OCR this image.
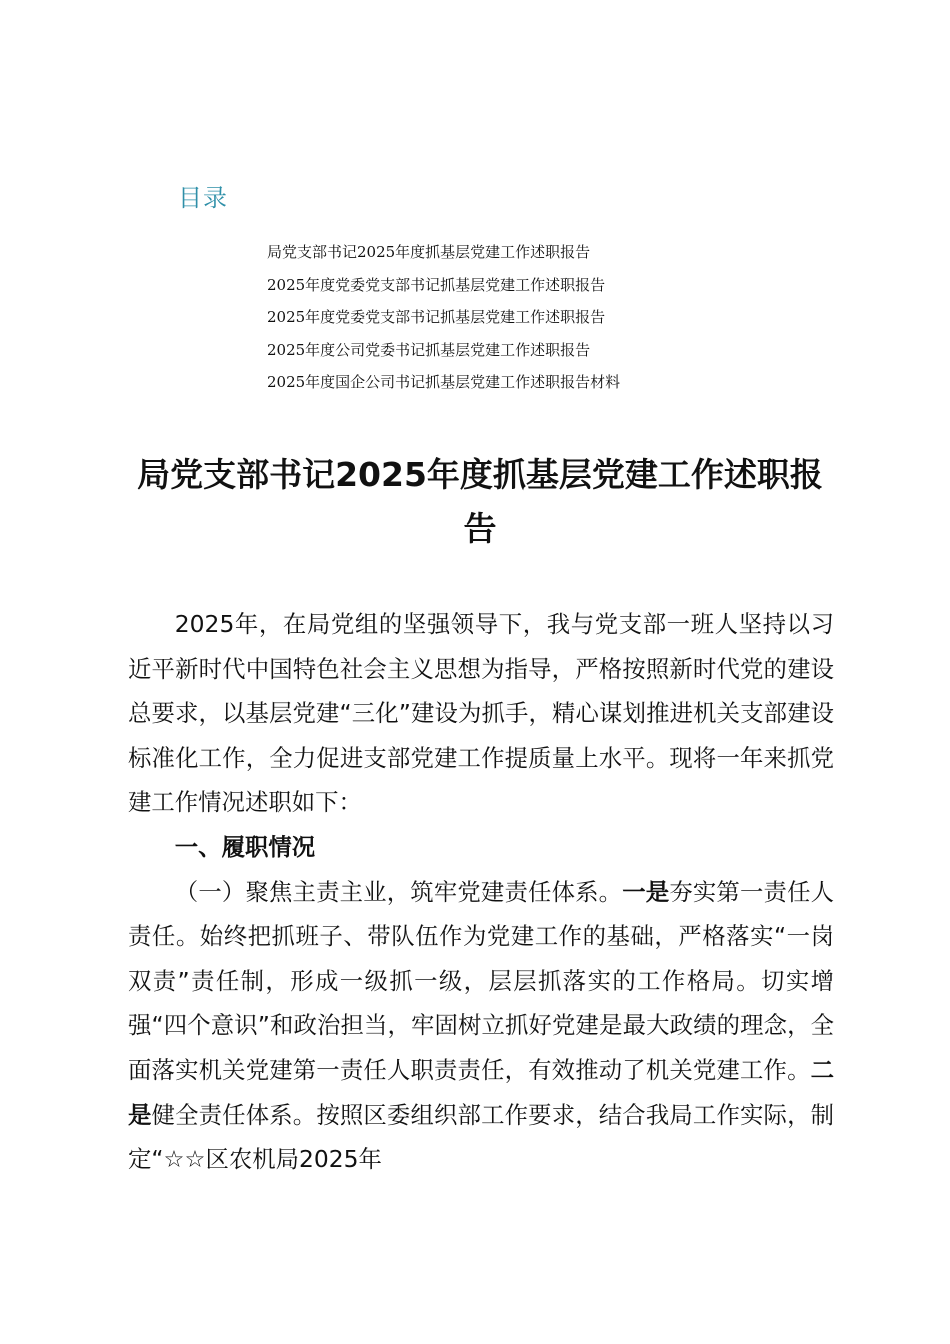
目录
局党支部书记2025年度抓基层党建工作述职报告
2025年度党委党支部书记抓基层党建工作述职报告
2025年度党委党支部书记抓基层党建工作述职报告
2025年度公司党委书记抓基层党建工作述职报告
2025年度国企公司书记抓基层党建工作述职报告材料
局党支部书记2025年度抓基层党建工作述职报告

2025年，在局党组的坚强领导下，我与党支部一班人坚持以习近平新时代中国特色社会主义思想为指导，严格按照新时代党的建设总要求，以基层党建“三化”建设为抓手，精心谋划推进机关支部建设标准化工作，全力促进支部党建工作提质量上水平。现将一年来抓党建工作情况述职如下：

一、履职情况

（一）聚焦主责主业，筑牢党建责任体系。一是夯实第一责任人责任。始终把抓班子、带队伍作为党建工作的基础，严格落实“一岗双责”责任制，形成一级抓一级，层层抓落实的工作格局。切实增强“四个意识”和政治担当，牢固树立抓好党建是最大政绩的理念，全面落实机关党建第一责任人职责责任，有效推动了机关党建工作。二是健全责任体系。按照区委组织部工作要求，结合我局工作实际，制定“☆☆区农机局2025年
